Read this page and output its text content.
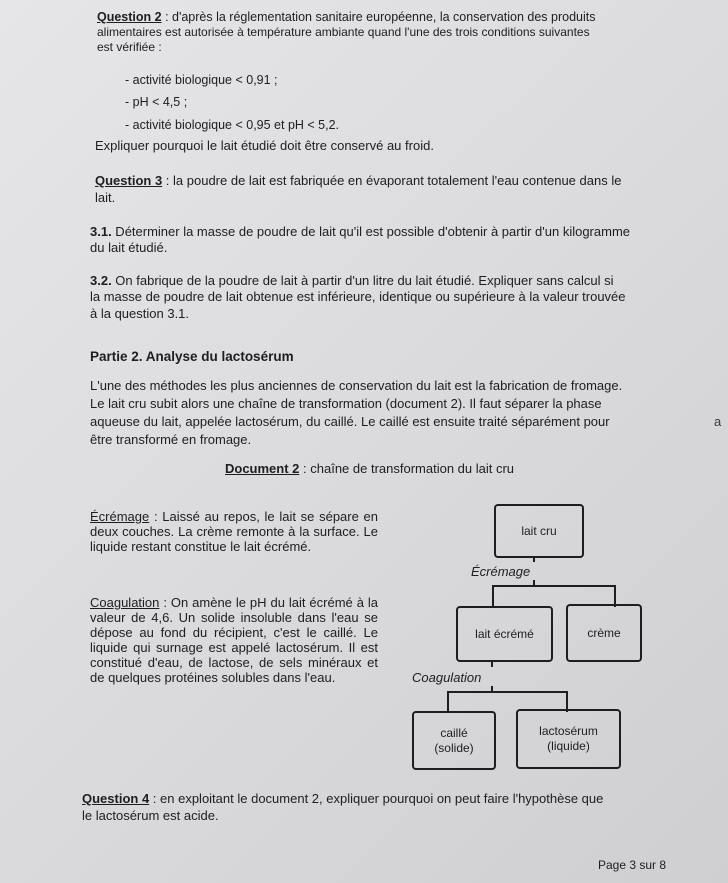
Question 2 : d'après la réglementation sanitaire européenne, la conservation des produits

alimentaires est autorisée à température ambiante quand l'une des trois conditions suivantes

est vérifiée :

- activité biologique < 0,91 ;

- pH < 4,5 ;

- activité biologique < 0,95 et pH < 5,2.

Expliquer pourquoi le lait étudié doit être conservé au froid.

Question 3 : la poudre de lait est fabriquée en évaporant totalement l'eau contenue dans le

lait.

3.1. Déterminer la masse de poudre de lait qu'il est possible d'obtenir à partir d'un kilogramme

du lait étudié.

3.2. On fabrique de la poudre de lait à partir d'un litre du lait étudié. Expliquer sans calcul si

la masse de poudre de lait obtenue est inférieure, identique ou supérieure à la valeur trouvée

à la question 3.1.

Partie 2. Analyse du lactosérum

L'une des méthodes les plus anciennes de conservation du lait est la fabrication de fromage.

Le lait cru subit alors une chaîne de transformation (document 2). Il faut séparer la phase

aqueuse du lait, appelée lactosérum, du caillé. Le caillé est ensuite traité séparément pour

être transformé en fromage.

Document 2 : chaîne de transformation du lait cru

Écrémage : Laissé au repos, le lait se sépare en deux couches. La crème remonte à la surface. Le liquide restant constitue le lait écrémé.

Coagulation : On amène le pH du lait écrémé à la valeur de 4,6. Un solide insoluble dans l'eau se dépose au fond du récipient, c'est le caillé. Le liquide qui surnage est appelé lactosérum. Il est constitué d'eau, de lactose, de sels minéraux et de quelques protéines solubles dans l'eau.

lait cru
Écrémage
lait écrémé	crème
Coagulation
caillé
(solide)
lactosérum
(liquide)

Question 4 : en exploitant le document 2, expliquer pourquoi on peut faire l'hypothèse que

le lactosérum est acide.

Page 3 sur 8

a
